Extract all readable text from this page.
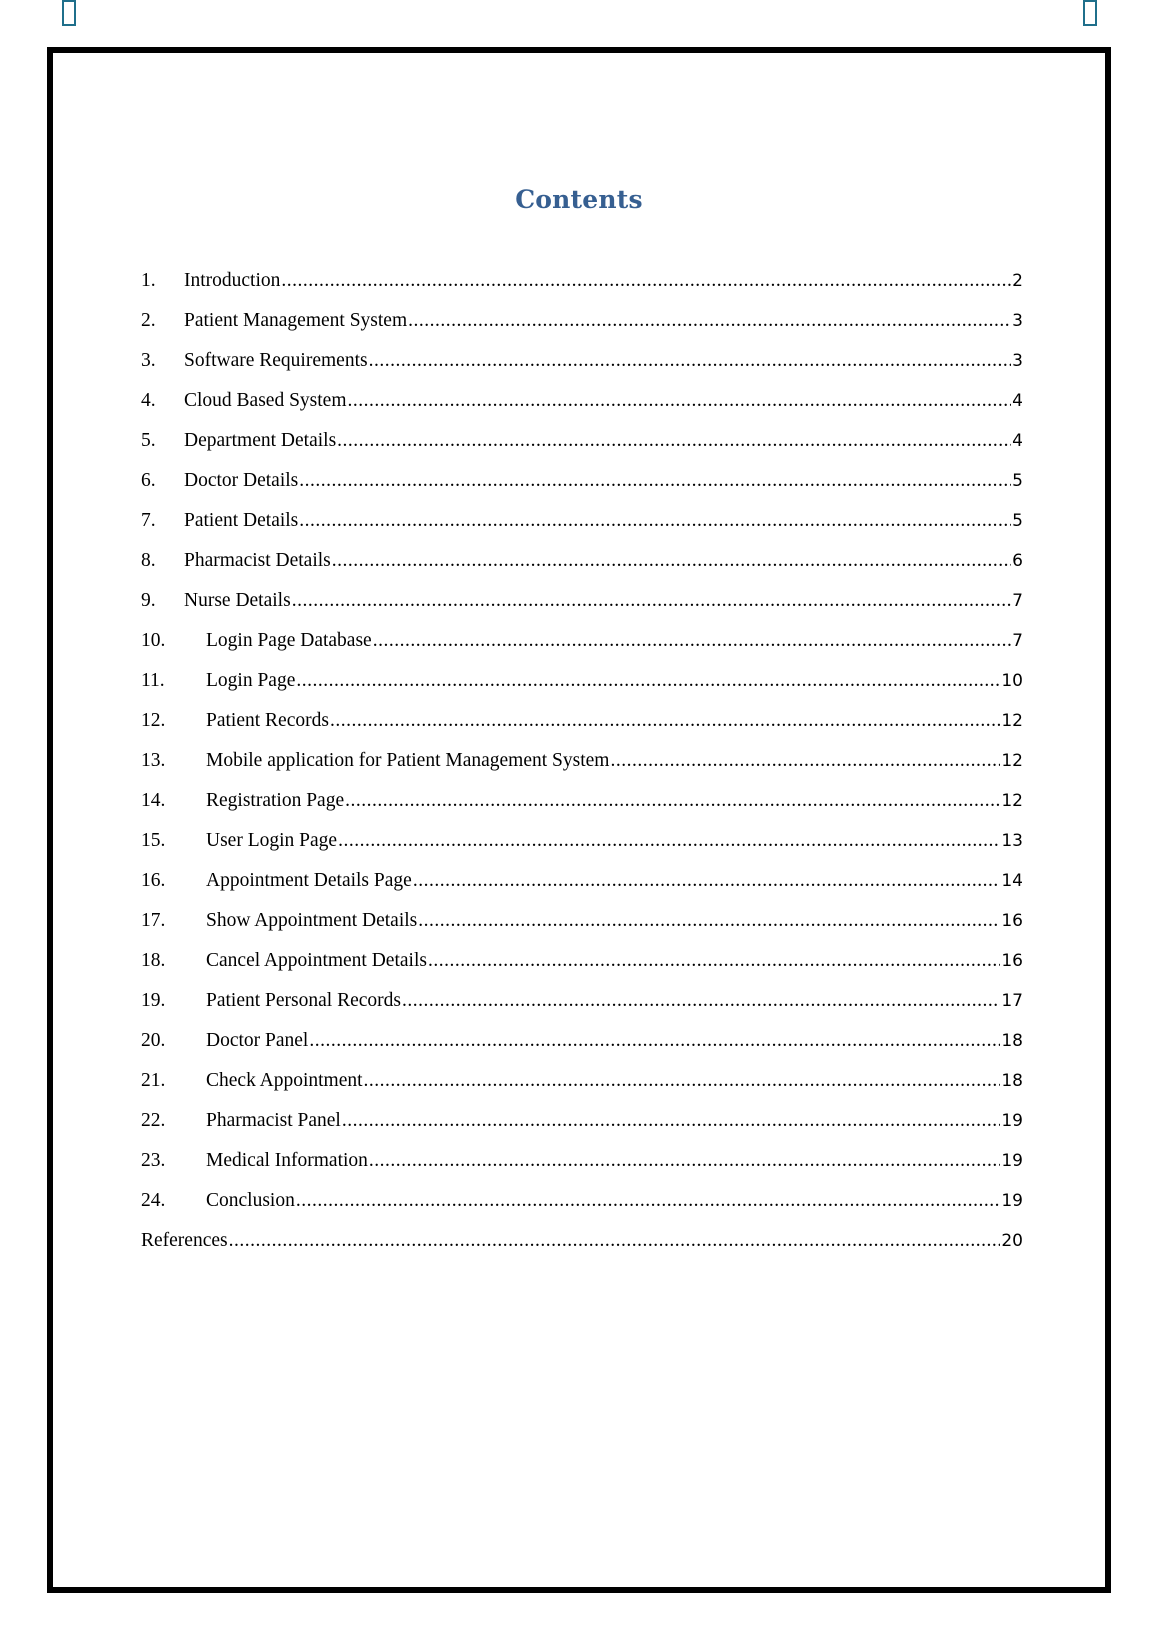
Contents
1.	Introduction .....	2
2.	Patient Management System .....	3
3.	Software Requirements .....	3
4.	Cloud Based System .....	4
5.	Department Details .....	4
6.	Doctor Details .....	5
7.	Patient Details .....	5
8.	Pharmacist Details .....	6
9.	Nurse Details .....	7
10.	Login Page Database .....	7
11.	Login Page .....	10
12.	Patient Records .....	12
13.	Mobile application for Patient Management System .....	12
14.	Registration Page .....	12
15.	User Login Page .....	13
16.	Appointment Details Page .....	14
17.	Show Appointment Details .....	16
18.	Cancel Appointment Details .....	16
19.	Patient Personal Records .....	17
20.	Doctor Panel .....	18
21.	Check Appointment .....	18
22.	Pharmacist Panel .....	19
23.	Medical Information .....	19
24.	Conclusion .....	19
References .....	20
